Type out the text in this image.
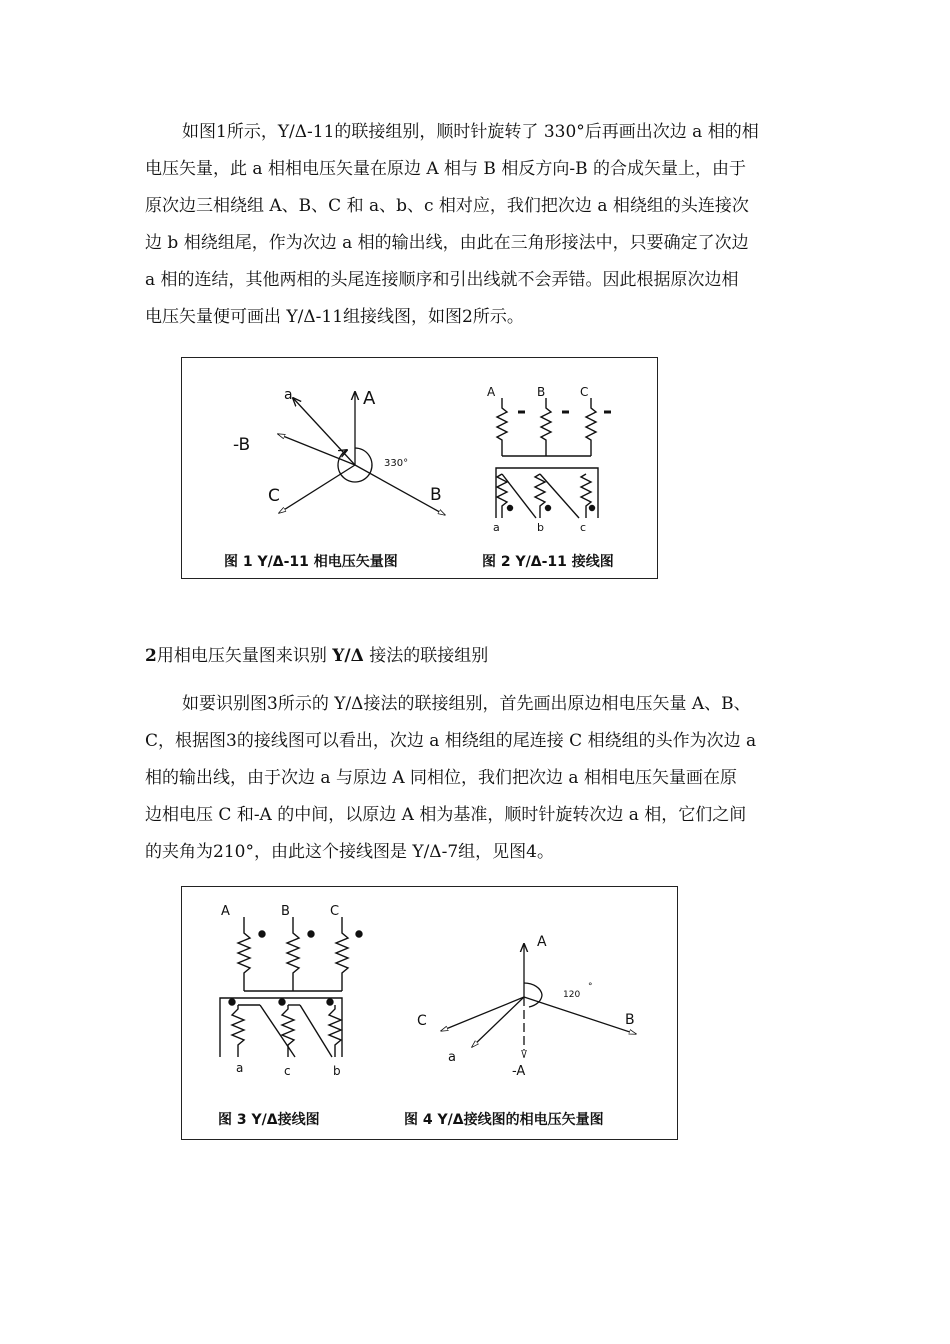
如图1所示，Y/Δ-11的联接组别，顺时针旋转了 330°后再画出次边 a 相的相
电压矢量，此 a 相相电压矢量在原边 A 相与 B 相反方向-B 的合成矢量上，由于
原次边三相绕组 A、B、C 和 a、b、c 相对应，我们把次边 a 相绕组的头连接次
边 b 相绕组尾，作为次边 a 相的输出线，由此在三角形接法中，只要确定了次边
a 相的连结，其他两相的头尾连接顺序和引出线就不会弄错。因此根据原次边相
电压矢量便可画出 Y/Δ-11组接线图，如图2所示。

a	A
-B
C	B
330°
A	B	C
a	b	c
图 1 Y/Δ-11 相电压矢量图	图 2 Y/Δ-11 接线图

2用相电压矢量图来识别 Y/Δ 接法的联接组别

如要识别图3所示的 Y/Δ接法的联接组别，首先画出原边相电压矢量 A、B、
C，根据图3的接线图可以看出，次边 a 相绕组的尾连接 C 相绕组的头作为次边 a
相的输出线，由于次边 a 与原边 A 同相位，我们把次边 a 相相电压矢量画在原
边相电压 C 和-A 的中间，以原边 A 相为基准，顺时针旋转次边 a 相，它们之间
的夹角为210°，由此这个接线图是 Y/Δ-7组，见图4。

A	B	C
a	c	b
A
C	B
a
-A
120
°
图 3 Y/Δ接线图	图 4 Y/Δ接线图的相电压矢量图
